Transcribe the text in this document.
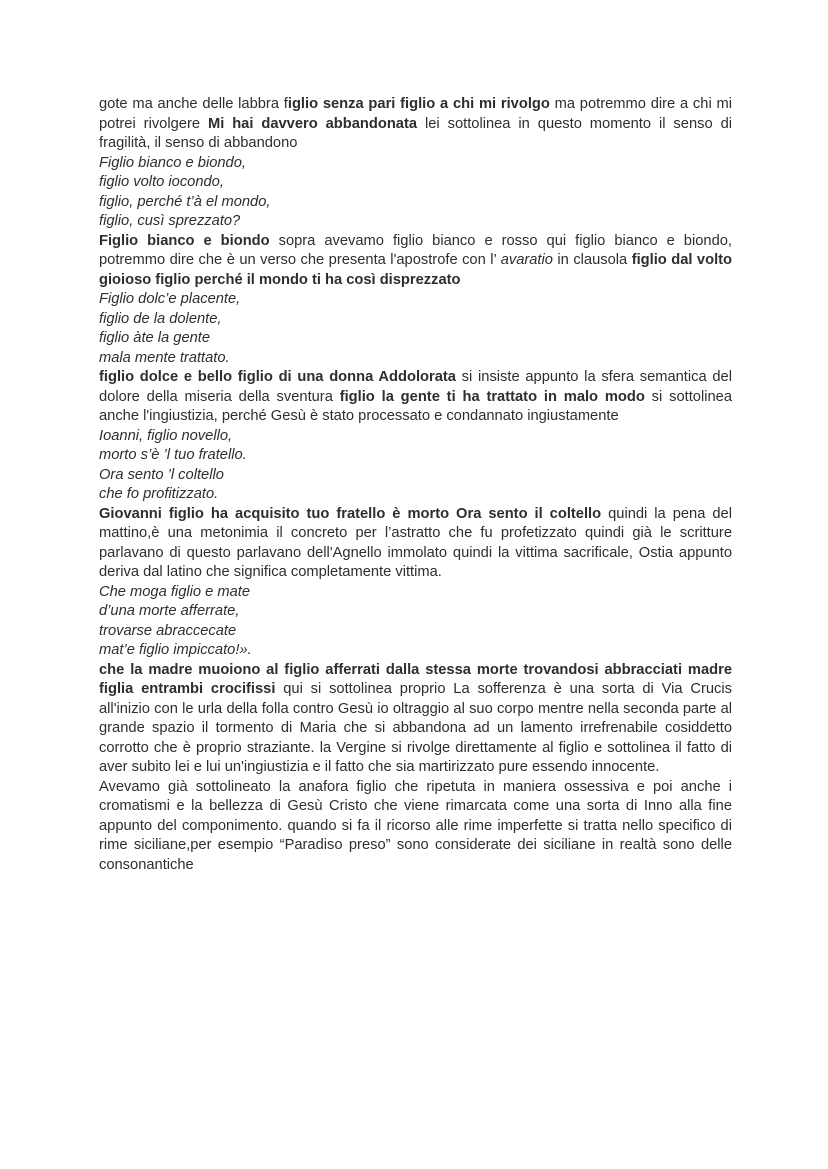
gote ma anche delle labbra figlio senza pari figlio a chi mi rivolgo ma potremmo dire a chi mi potrei rivolgere Mi hai davvero abbandonata lei sottolinea in questo momento il senso di fragilità, il senso di abbandono

Figlio bianco e biondo,
figlio volto iocondo,
figlio, perché t’à el mondo,
figlio, cusì sprezzato?

Figlio bianco e biondo sopra avevamo figlio bianco e rosso qui figlio bianco e biondo, potremmo dire che è un verso che presenta l'apostrofe con l’ avaratio in clausola figlio dal volto gioioso figlio perché il mondo ti ha così disprezzato

Figlio dolc’e placente,
figlio de la dolente,
figlio àte la gente
mala mente trattato.

figlio dolce e bello figlio di una donna Addolorata si insiste appunto la sfera semantica del dolore della miseria della sventura figlio la gente ti ha trattato in malo modo si sottolinea anche l'ingiustizia, perché Gesù è stato processato e condannato ingiustamente

Ioanni, figlio novello,
morto s’è ’l tuo fratello.
Ora sento ’l coltello
che fo profitizzato.

Giovanni figlio ha acquisito tuo fratello è morto Ora sento il coltello quindi la pena del mattino,è una metonimia il concreto per l’astratto che fu profetizzato quindi già le scritture parlavano di questo parlavano dell'Agnello immolato quindi la vittima sacrificale, Ostia appunto deriva dal latino che significa completamente vittima.

Che moga figlio e mate
d’una morte afferrate,
trovarse abraccecate
mat’e figlio impiccato!».

che la madre muoiono al figlio afferrati dalla stessa morte trovandosi abbracciati madre figlia entrambi crocifissi qui si sottolinea proprio La sofferenza è una sorta di Via Crucis all'inizio con le urla della folla contro Gesù io oltraggio al suo corpo mentre nella seconda parte al grande spazio il tormento di Maria che si abbandona ad un lamento irrefrenabile cosiddetto corrotto che è proprio straziante. la Vergine si rivolge direttamente al figlio e sottolinea il fatto di aver subito lei e lui un'ingiustizia e il fatto che sia martirizzato pure essendo innocente.

Avevamo già sottolineato la anafora figlio che ripetuta in maniera ossessiva e poi anche i cromatismi e la bellezza di Gesù Cristo che viene rimarcata come una sorta di Inno alla fine appunto del componimento. quando si fa il ricorso alle rime imperfette si tratta nello specifico di rime siciliane,per esempio “Paradiso preso” sono considerate dei siciliane in realtà sono delle consonantiche
